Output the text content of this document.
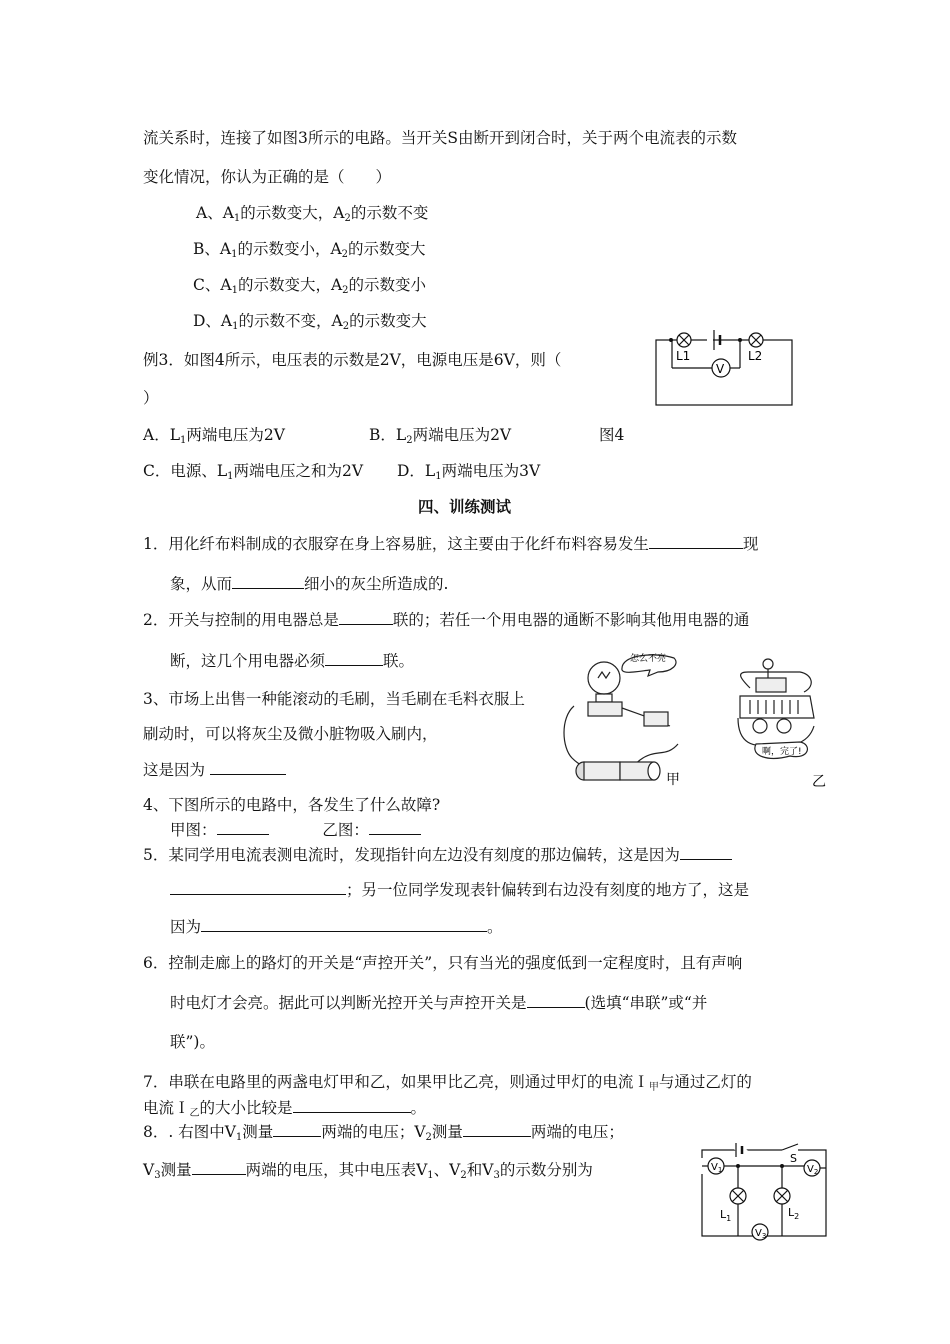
流关系时，连接了如图3所示的电路。当开关S由断开到闭合时，关于两个电流表的示数
变化情况，你认为正确的是（　　）
A、$A_1$的示数变大，$A_2$的示数不变
B、$A_1$的示数变小，$A_2$的示数变大
C、$A_1$的示数变大，$A_2$的示数变小
D、$A_1$的示数不变，$A_2$的示数变大
例3．如图4所示，电压表的示数是2V，电源电压是6V，则（
）
L1	L2
V
A．$L_1$两端电压为2V	B．$L_2$两端电压为2V	图4
C．电源、$L_1$两端电压之和为2V D．$L_1$两端电压为3V
四、训练测试
1．用化纤布料制成的衣服穿在身上容易脏，这主要由于化纤布料容易发生	现
象，从而	细小的灰尘所造成的.
2．开关与控制的用电器总是	联的；若任一个用电器的通断不影响其他用电器的通
断，这几个用电器必须	联。
3、市场上出售一种能滚动的毛刷，当毛刷在毛料衣服上
刷动时，可以将灰尘及微小脏物吸入刷内，
这是因为
怎么不亮
啊，完了!
甲	乙
4、下图所示的电路中，各发生了什么故障?
甲图：	乙图：
5．某同学用电流表测电流时，发现指针向左边没有刻度的那边偏转，这是因为
；另一位同学发现表针偏转到右边没有刻度的地方了，这是
因为	。
6．控制走廊上的路灯的开关是“声控开关”，只有当光的强度低到一定程度时，且有声响
时电灯才会亮。据此可以判断光控开关与声控开关是	(选填“串联”或“并
联”)。
7．串联在电路里的两盏电灯甲和乙，如果甲比乙亮，则通过甲灯的电流Ｉ$_甲$与通过乙灯的
电流Ｉ$_乙$的大小比较是	。
8．. 右图中$V_1$测量	两端的电压；$V_2$测量	两端的电压；
$V_3$测量	两端的电压，其中电压表$V_1$、$V_2$和$V_3$的示数分别为
S
$V_1$	$V_2$
$V_3$
$L_1$	$L_2$
